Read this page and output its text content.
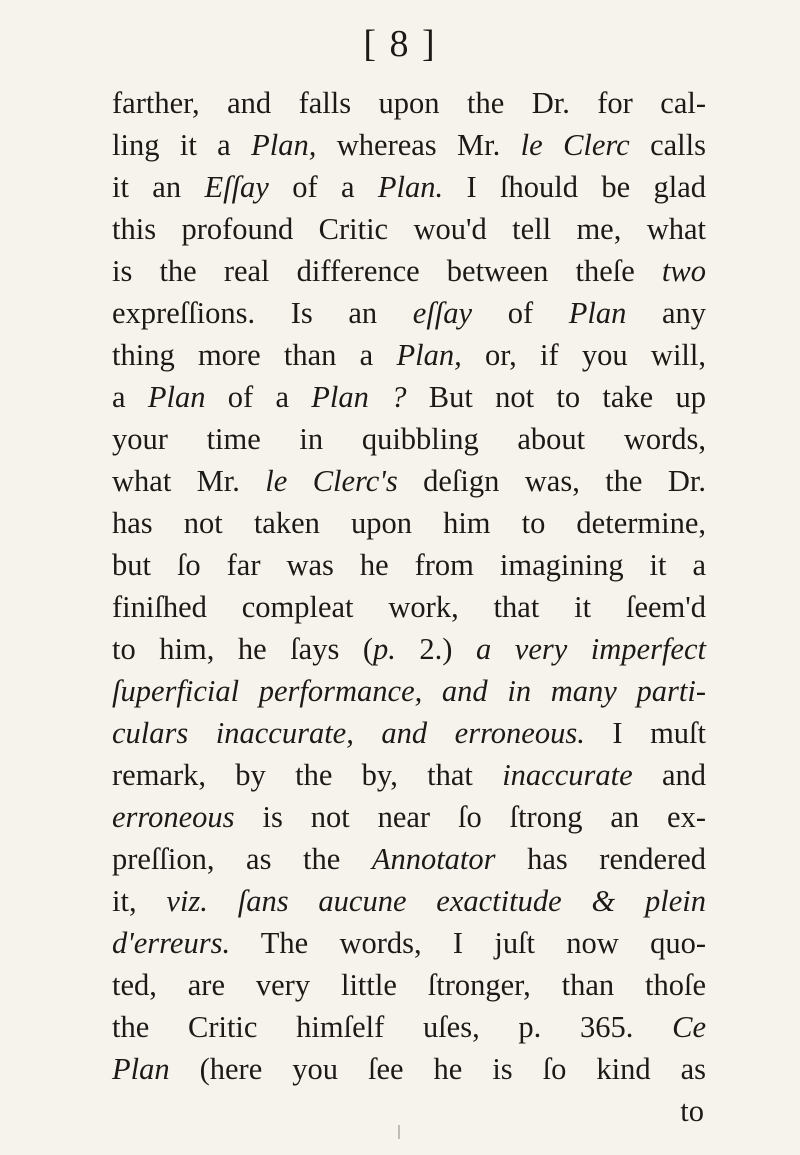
[ 8 ]
farther, and falls upon the Dr. for cal-
ling it a Plan, whereas Mr. le Clerc calls
it an Eſſay of a Plan. I ſhould be glad
this profound Critic wou'd tell me, what
is the real difference between theſe two
expreſſions. Is an eſſay of Plan any
thing more than a Plan, or, if you will,
a Plan of a Plan ? But not to take up
your time in quibbling about words,
what Mr. le Clerc's deſign was, the Dr.
has not taken upon him to determine,
but ſo far was he from imagining it a
finiſhed compleat work, that it ſeem'd
to him, he ſays (p. 2.) a very imperfect
ſuperficial performance, and in many parti-
culars inaccurate, and erroneous. I muſt
remark, by the by, that inaccurate and
erroneous is not near ſo ſtrong an ex-
preſſion, as the Annotator has rendered
it, viz. ſans aucune exactitude & plein
d'erreurs. The words, I juſt now quo-
ted, are very little ſtronger, than thoſe
the Critic himſelf uſes, p. 365. Ce
Plan (here you ſee he is ſo kind as
to
